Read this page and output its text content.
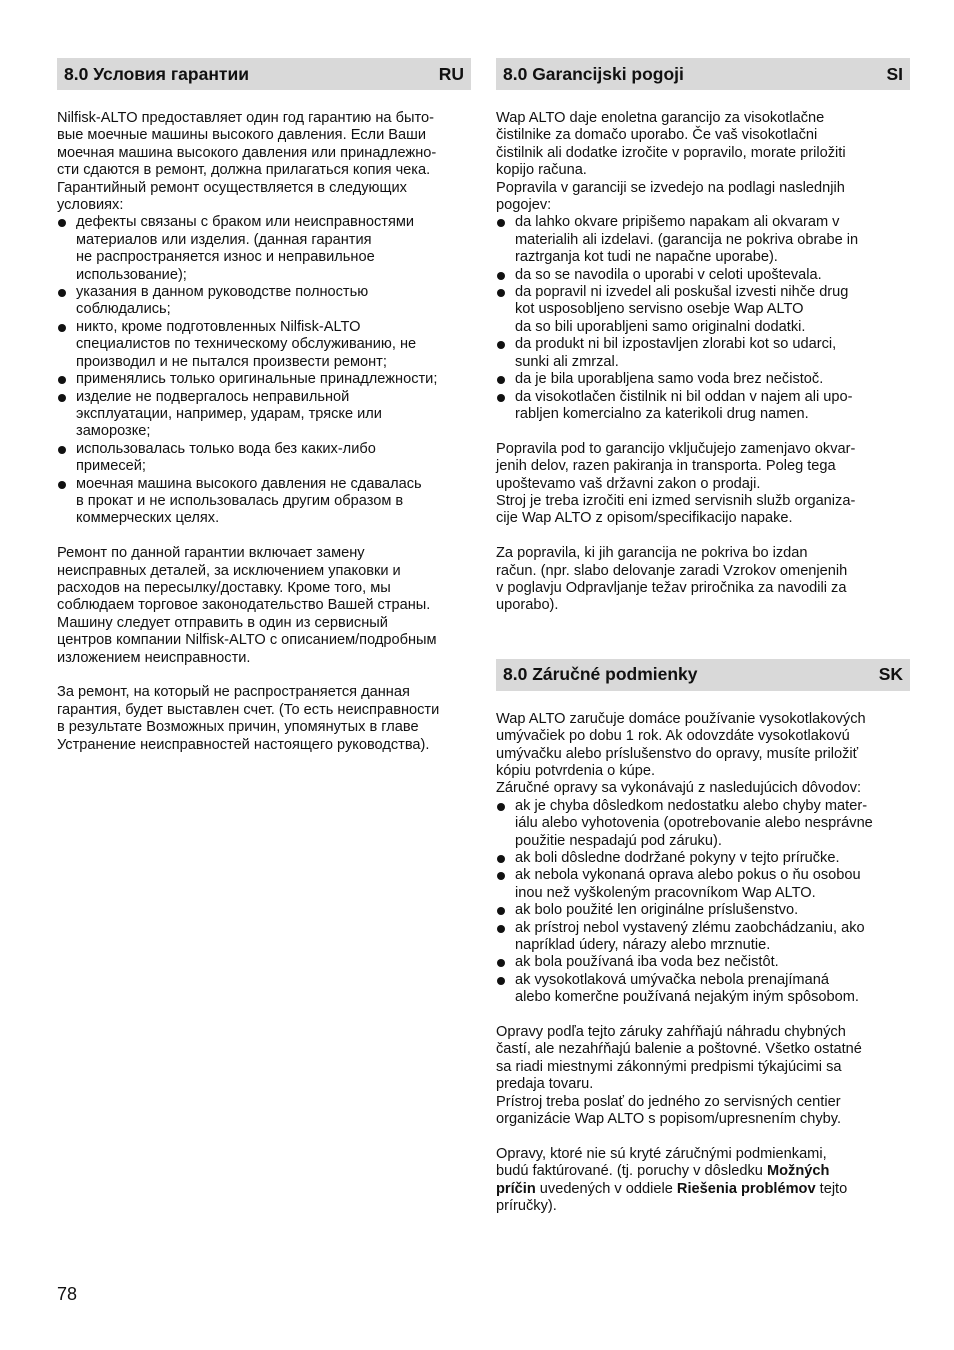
8.0 Условия гарантии	RU

Nilfisk-ALTO предоставляет один год гарантию на быто-
вые моечные машины высокого давления. Если Ваши
моечная машина высокого давления или принадлежно-
сти сдаются в ремонт, должна прилагаться копия чека.
Гарантийный ремонт осуществляется в следующих
условиях:

дефекты связаны с браком или неисправностями
материалов или изделия. (данная гарантия
не распространяется износ и неправильное
использование);
указания в данном руководстве полностью
соблюдались;
никто, кроме подготовленных Nilfisk-ALTO
специалистов по техническому обслуживанию, не
производил и не пытался произвести ремонт;
применялись только оригинальные принадлежности;
изделие не подвергалось неправильной
эксплуатации, например, ударам, тряске или
заморозке;
использовалась только вода без каких-либо
примесей;
моечная машина высокого давления не сдавалась
в прокат и не использовалась другим образом в
коммерческих целях.

Ремонт по данной гарантии включает замену
неисправных деталей, за исключением упаковки и
расходов на пересылку/доставку. Кроме того, мы
соблюдаем торговое законодательство Вашей страны.
Машину следует отправить в один из сервисный
центров компании Nilfisk-ALTO с описанием/подробным
изложением неисправности.

За ремонт, на который не распространяется данная
гарантия, будет выставлен счет. (То есть неисправности
в результате Возможных причин, упомянутых в главе
Устранение неисправностей настоящего руководства).

8.0 Garancijski pogoji	SI

Wap ALTO daje enoletna garancijo za visokotlačne
čistilnike za domačo uporabo. Če vaš visokotlačni
čistilnik ali dodatke izročite v popravilo, morate priložiti
kopijo računa.
Popravila v garanciji se izvedejo na podlagi naslednjih
pogojev:

da lahko okvare pripišemo napakam ali okvaram v
materialih ali izdelavi. (garancija ne pokriva obrabe in
raztrganja kot tudi ne napačne uporabe).
da so se navodila o uporabi v celoti upoštevala.
da popravil ni izvedel ali poskušal izvesti nihče drug
kot usposobljeno servisno osebje Wap ALTO
da so bili uporabljeni samo originalni dodatki.
da produkt ni bil izpostavljen zlorabi kot so udarci,
sunki ali zmrzal.
da je bila uporabljena samo voda brez nečistoč.
da visokotlačen čistilnik ni bil oddan v najem ali upo-
rabljen komercialno za katerikoli drug namen.

Popravila pod to garancijo vključujejo zamenjavo okvar-
jenih delov, razen pakiranja in transporta. Poleg tega
upoštevamo vaš državni zakon o prodaji.
Stroj je treba izročiti eni izmed servisnih služb organiza-
cije Wap ALTO z opisom/specifikacijo napake.

Za popravila, ki jih garancija ne pokriva bo izdan
račun. (npr. slabo delovanje zaradi Vzrokov omenjenih
v poglavju Odpravljanje težav priročnika za navodili za
uporabo).

8.0 Záručné podmienky	SK

Wap ALTO zaručuje domáce používanie vysokotlakových
umývačiek po dobu 1 rok. Ak odovzdáte vysokotlakovú
umývačku alebo príslušenstvo do opravy, musíte priložiť
kópiu potvrdenia o kúpe.
Záručné opravy sa vykonávajú z nasledujúcich dôvodov:

ak je chyba dôsledkom nedostatku alebo chyby mater-
iálu alebo vyhotovenia (opotrebovanie alebo nesprávne
použitie nespadajú pod záruku).
ak boli dôsledne dodržané pokyny v tejto príručke.
ak nebola vykonaná oprava alebo pokus o ňu osobou
inou než vyškoleným pracovníkom Wap ALTO.
ak bolo použité len originálne príslušenstvo.
ak prístroj nebol vystavený zlému zaobchádzaniu, ako
napríklad údery, nárazy alebo mrznutie.
ak bola používaná iba voda bez nečistôt.
ak vysokotlaková umývačka nebola prenajímaná
alebo komerčne používaná nejakým iným spôsobom.

Opravy podľa tejto záruky zahŕňajú náhradu chybných
častí, ale nezahŕňajú balenie a poštovné. Všetko ostatné
sa riadi miestnymi zákonnými predpismi týkajúcimi sa
predaja tovaru.
Prístroj treba poslať do jedného zo servisných centier
organizácie Wap ALTO s popisom/upresnením chyby.

Opravy, ktoré nie sú kryté záručnými podmienkami,
budú faktúrované. (tj. poruchy v dôsledku Možných
príčin uvedených v oddiele Riešenia problémov tejto
príručky).

78
